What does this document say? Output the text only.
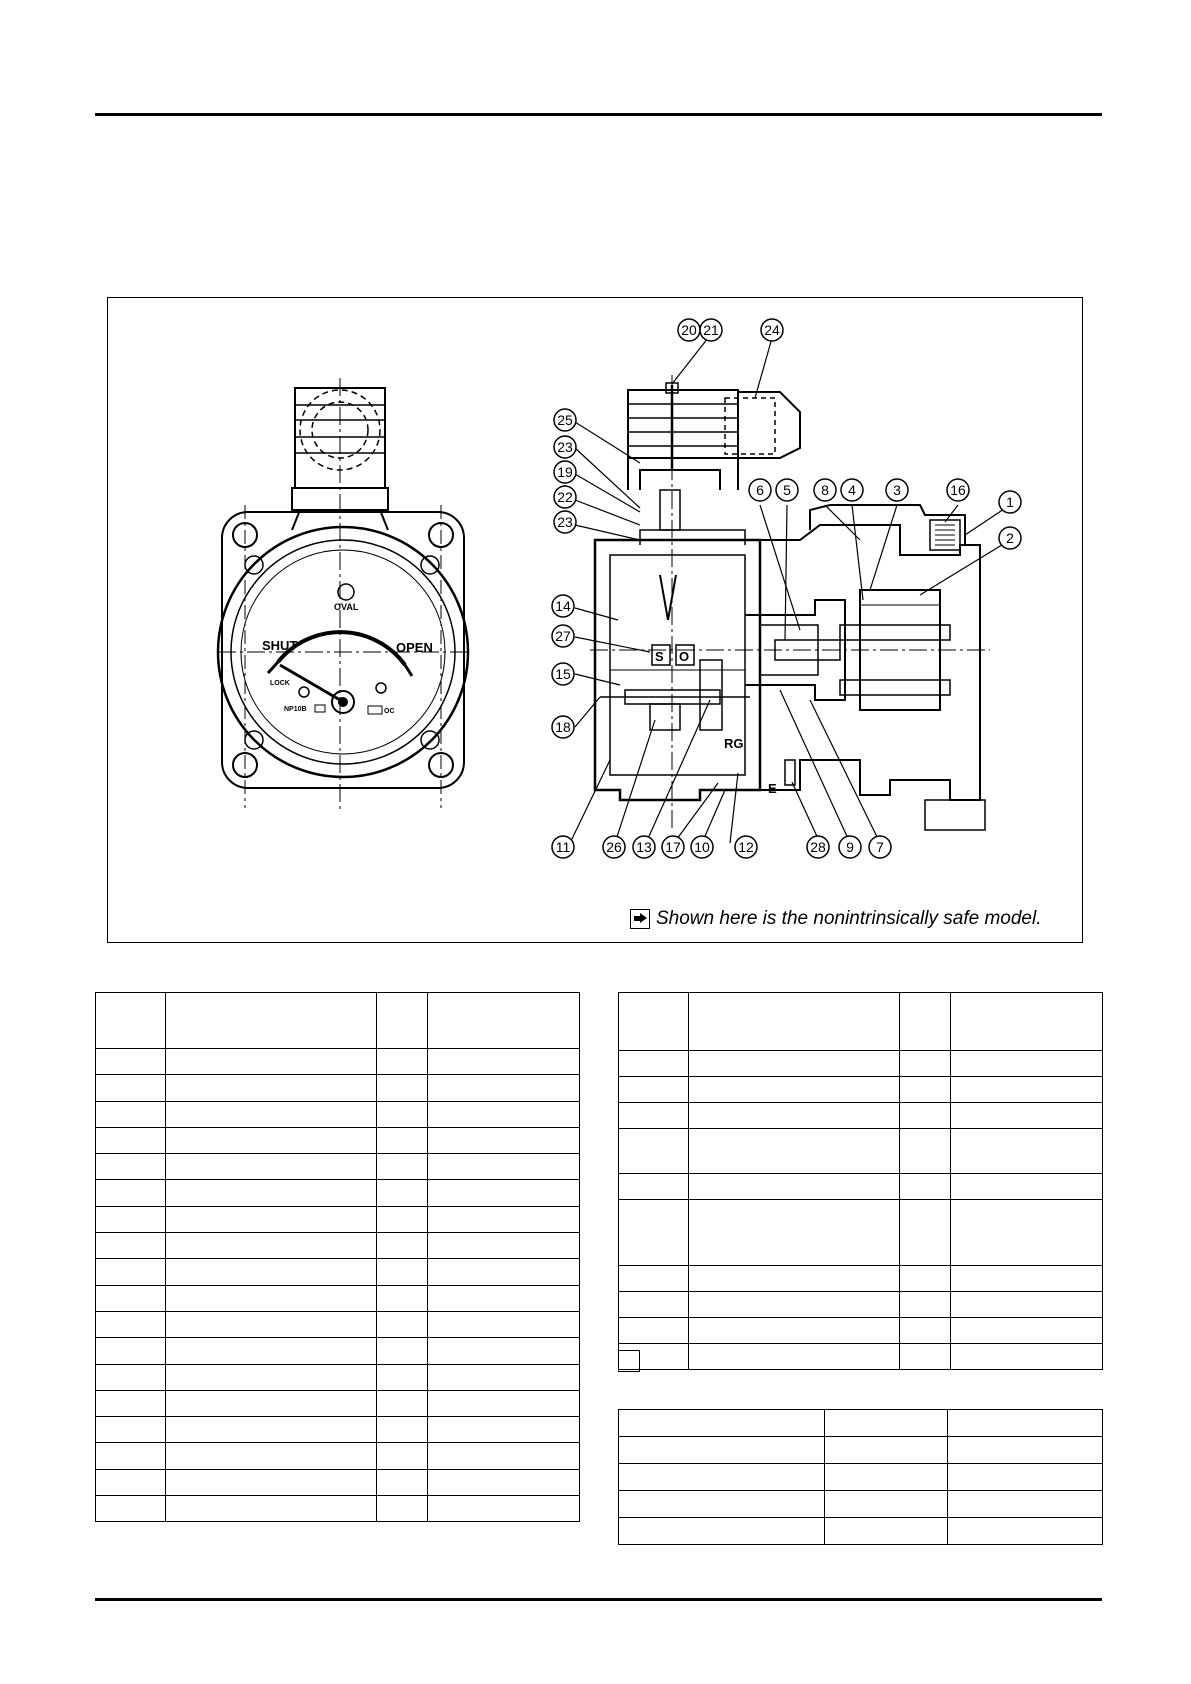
OVAL
SHUT	OPEN
LOCK
NP10B	OC
S O
RG
E
1
2
3
4
5
6
7
8
9
10
11	12
13
14
15
16
17
18
19
20 21
22
23
23
24
25
26
27
28
Shown here is the nonintrinsically safe model.
